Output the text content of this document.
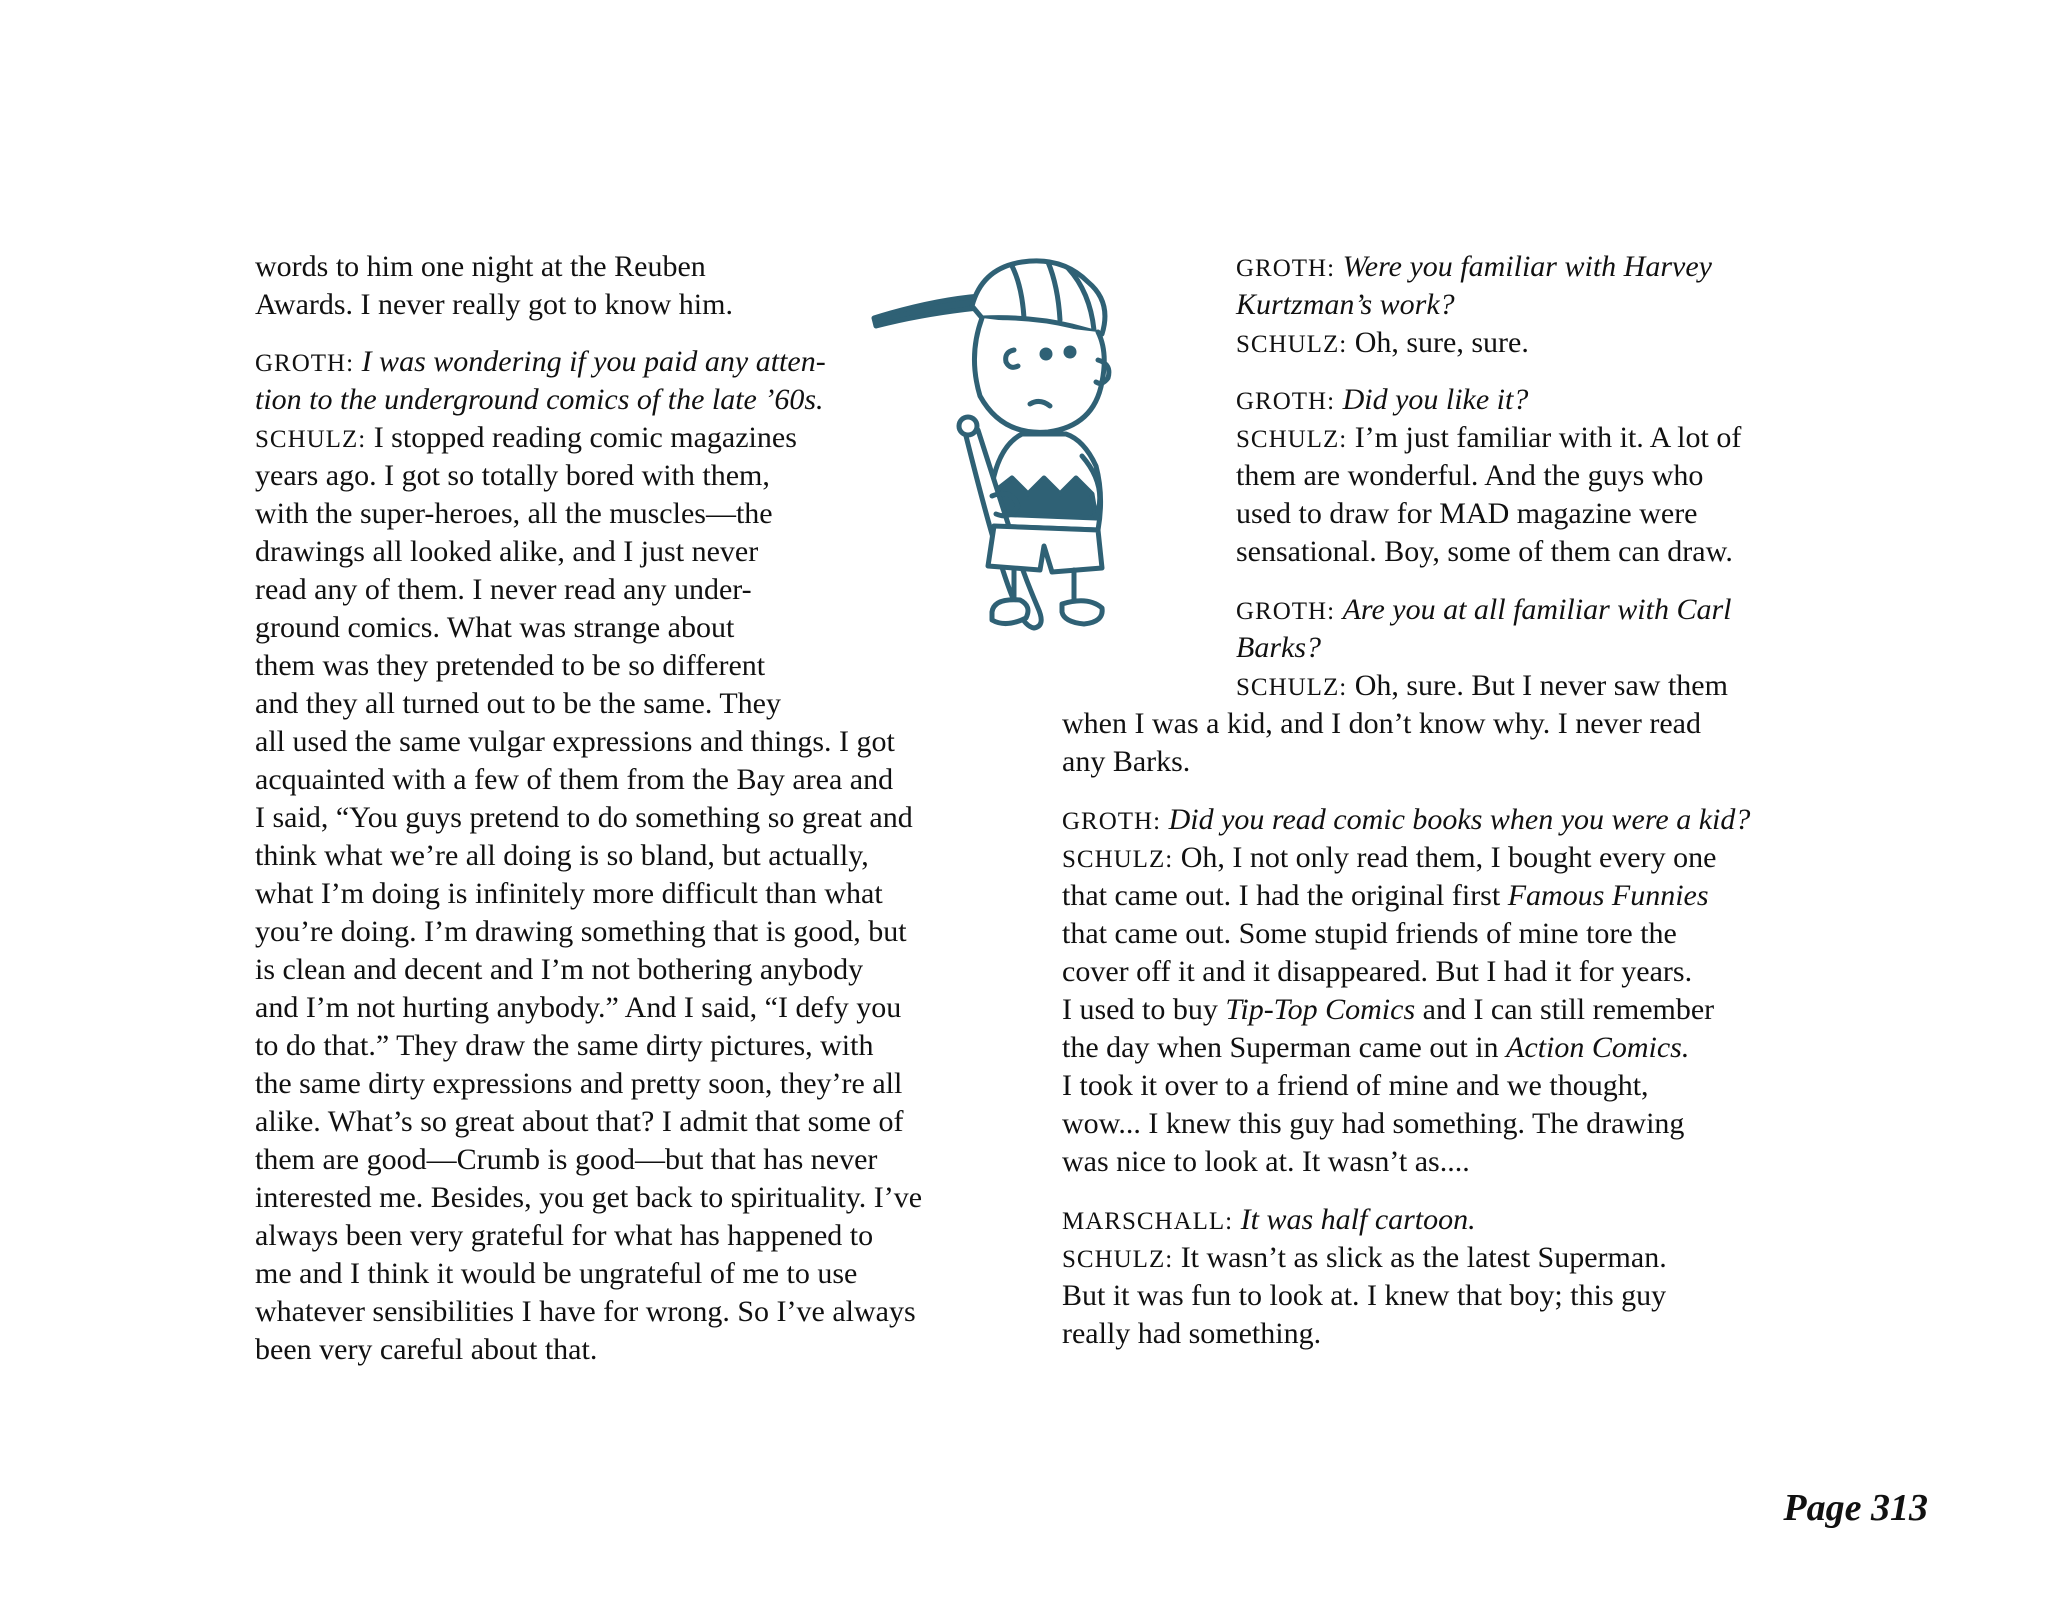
words to him one night at the Reuben
Awards. I never really got to know him.
GROTH: I was wondering if you paid any atten-
tion to the underground comics of the late ’60s.
SCHULZ: I stopped reading comic magazines
years ago. I got so totally bored with them,
with the super-heroes, all the muscles—the
drawings all looked alike, and I just never
read any of them. I never read any under-
ground comics. What was strange about
them was they pretended to be so different
and they all turned out to be the same. They
all used the same vulgar expressions and things. I got
acquainted with a few of them from the Bay area and
I said, “You guys pretend to do something so great and
think what we’re all doing is so bland, but actually,
what I’m doing is infinitely more difficult than what
you’re doing. I’m drawing something that is good, but
is clean and decent and I’m not bothering anybody
and I’m not hurting anybody.” And I said, “I defy you
to do that.” They draw the same dirty pictures, with
the same dirty expressions and pretty soon, they’re all
alike. What’s so great about that? I admit that some of
them are good—Crumb is good—but that has never
interested me. Besides, you get back to spirituality. I’ve
always been very grateful for what has happened to
me and I think it would be ungrateful of me to use
whatever sensibilities I have for wrong. So I’ve always
been very careful about that.
GROTH: Were you familiar with Harvey
Kurtzman’s work?
SCHULZ: Oh, sure, sure.
GROTH: Did you like it?
SCHULZ: I’m just familiar with it. A lot of
them are wonderful. And the guys who
used to draw for MAD magazine were
sensational. Boy, some of them can draw.
GROTH: Are you at all familiar with Carl
Barks?
SCHULZ: Oh, sure. But I never saw them
when I was a kid, and I don’t know why. I never read
any Barks.
GROTH: Did you read comic books when you were a kid?
SCHULZ: Oh, I not only read them, I bought every one
that came out. I had the original first Famous Funnies
that came out. Some stupid friends of mine tore the
cover off it and it disappeared. But I had it for years.
I used to buy Tip-Top Comics and I can still remember
the day when Superman came out in Action Comics.
I took it over to a friend of mine and we thought,
wow... I knew this guy had something. The drawing
was nice to look at. It wasn’t as....
MARSCHALL: It was half cartoon.
SCHULZ: It wasn’t as slick as the latest Superman.
But it was fun to look at. I knew that boy; this guy
really had something.
Page 313
